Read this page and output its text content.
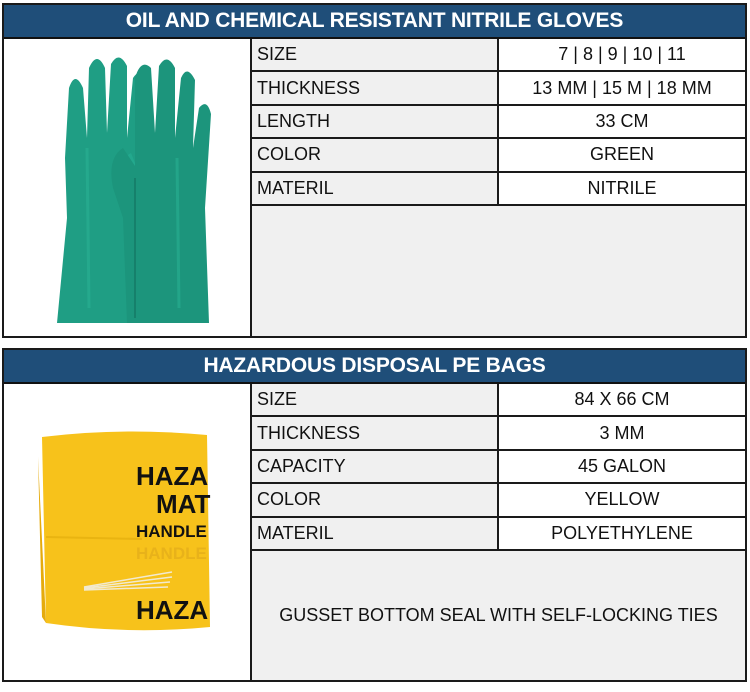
OIL AND CHEMICAL RESISTANT NITRILE GLOVES
SIZE	7 | 8 | 9 | 10 | 11
THICKNESS	13 MM | 15 M | 18 MM
LENGTH	33 CM
COLOR	GREEN
MATERIL	NITRILE
HAZARDOUS DISPOSAL PE BAGS
HAZA
MAT
HANDLE
HANDLE
HAZA
SIZE	84 X 66 CM
THICKNESS	3 MM
CAPACITY	45 GALON
COLOR	YELLOW
MATERIL	POLYETHYLENE
GUSSET BOTTOM SEAL WITH SELF-LOCKING TIES
